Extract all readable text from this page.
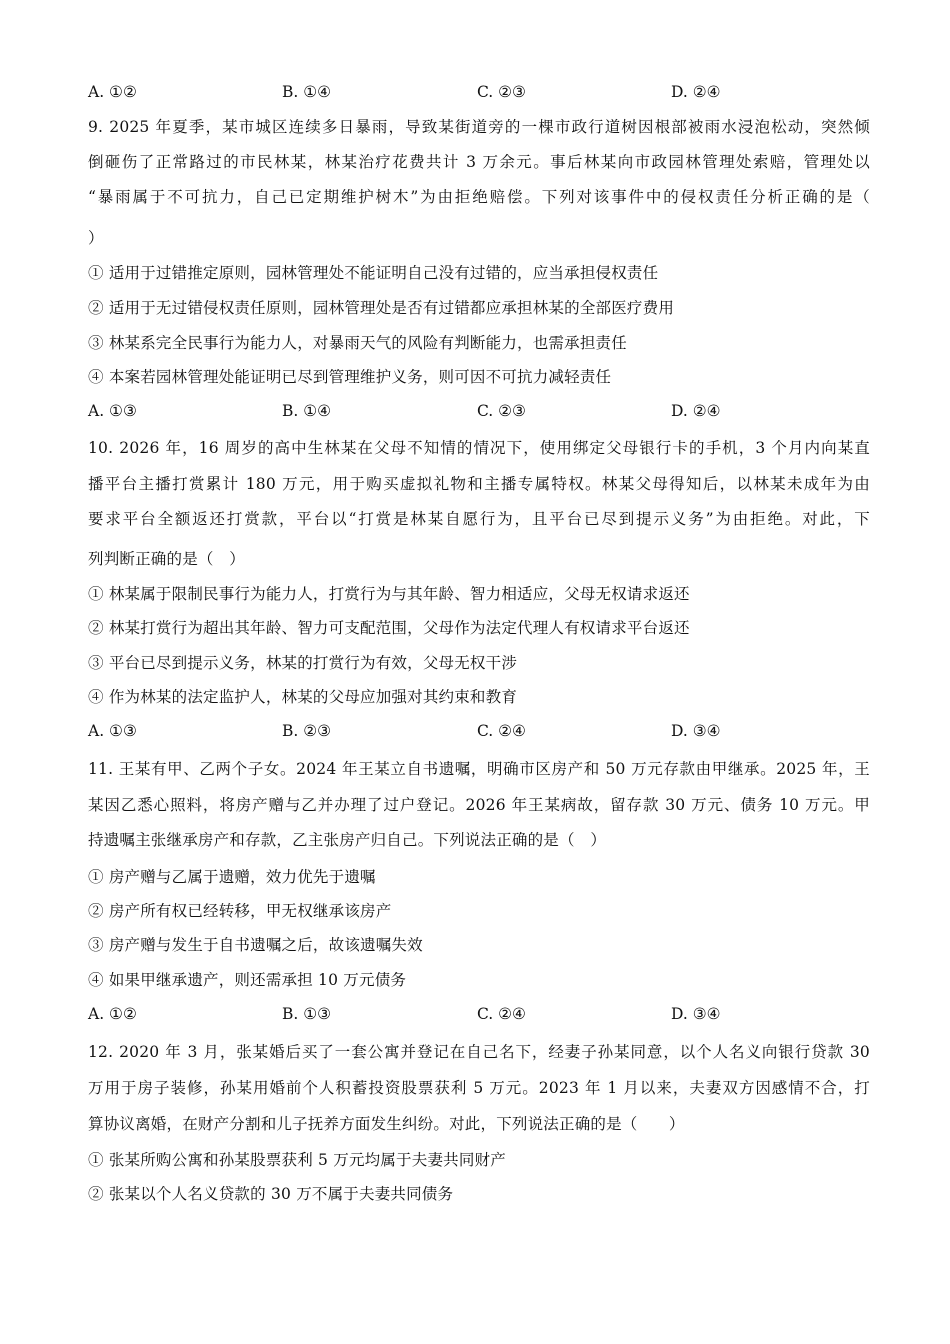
A. ①②	B. ①④	C. ②③	D. ②④
9. 2025 年夏季，某市城区连续多日暴雨，导致某街道旁的一棵市政行道树因根部被雨水浸泡松动，突然倾
倒砸伤了正常路过的市民林某，林某治疗花费共计 3 万余元。事后林某向市政园林管理处索赔，管理处以
“暴雨属于不可抗力，自己已定期维护树木”为由拒绝赔偿。下列对该事件中的侵权责任分析正确的是（
）
① 适用于过错推定原则，园林管理处不能证明自己没有过错的，应当承担侵权责任
② 适用于无过错侵权责任原则，园林管理处是否有过错都应承担林某的全部医疗费用
③ 林某系完全民事行为能力人，对暴雨天气的风险有判断能力，也需承担责任
④ 本案若园林管理处能证明已尽到管理维护义务，则可因不可抗力减轻责任
A. ①③	B. ①④	C. ②③	D. ②④
10. 2026 年，16 周岁的高中生林某在父母不知情的情况下，使用绑定父母银行卡的手机，3 个月内向某直
播平台主播打赏累计 180 万元，用于购买虚拟礼物和主播专属特权。林某父母得知后，以林某未成年为由
要求平台全额返还打赏款，平台以“打赏是林某自愿行为，且平台已尽到提示义务”为由拒绝。对此，下
列判断正确的是（　）
① 林某属于限制民事行为能力人，打赏行为与其年龄、智力相适应，父母无权请求返还
② 林某打赏行为超出其年龄、智力可支配范围，父母作为法定代理人有权请求平台返还
③ 平台已尽到提示义务，林某的打赏行为有效，父母无权干涉
④ 作为林某的法定监护人，林某的父母应加强对其约束和教育
A. ①③	B. ②③	C. ②④	D. ③④
11. 王某有甲、乙两个子女。2024 年王某立自书遗嘱，明确市区房产和 50 万元存款由甲继承。2025 年，王
某因乙悉心照料，将房产赠与乙并办理了过户登记。2026 年王某病故，留存款 30 万元、债务 10 万元。甲
持遗嘱主张继承房产和存款，乙主张房产归自己。下列说法正确的是（　）
① 房产赠与乙属于遗赠，效力优先于遗嘱
② 房产所有权已经转移，甲无权继承该房产
③ 房产赠与发生于自书遗嘱之后，故该遗嘱失效
④ 如果甲继承遗产，则还需承担 10 万元债务
A. ①②	B. ①③	C. ②④	D. ③④
12. 2020 年 3 月，张某婚后买了一套公寓并登记在自己名下，经妻子孙某同意，以个人名义向银行贷款 30
万用于房子装修，孙某用婚前个人积蓄投资股票获利 5 万元。2023 年 1 月以来，夫妻双方因感情不合，打
算协议离婚，在财产分割和儿子抚养方面发生纠纷。对此，下列说法正确的是（　　）
① 张某所购公寓和孙某股票获利 5 万元均属于夫妻共同财产
② 张某以个人名义贷款的 30 万不属于夫妻共同债务
